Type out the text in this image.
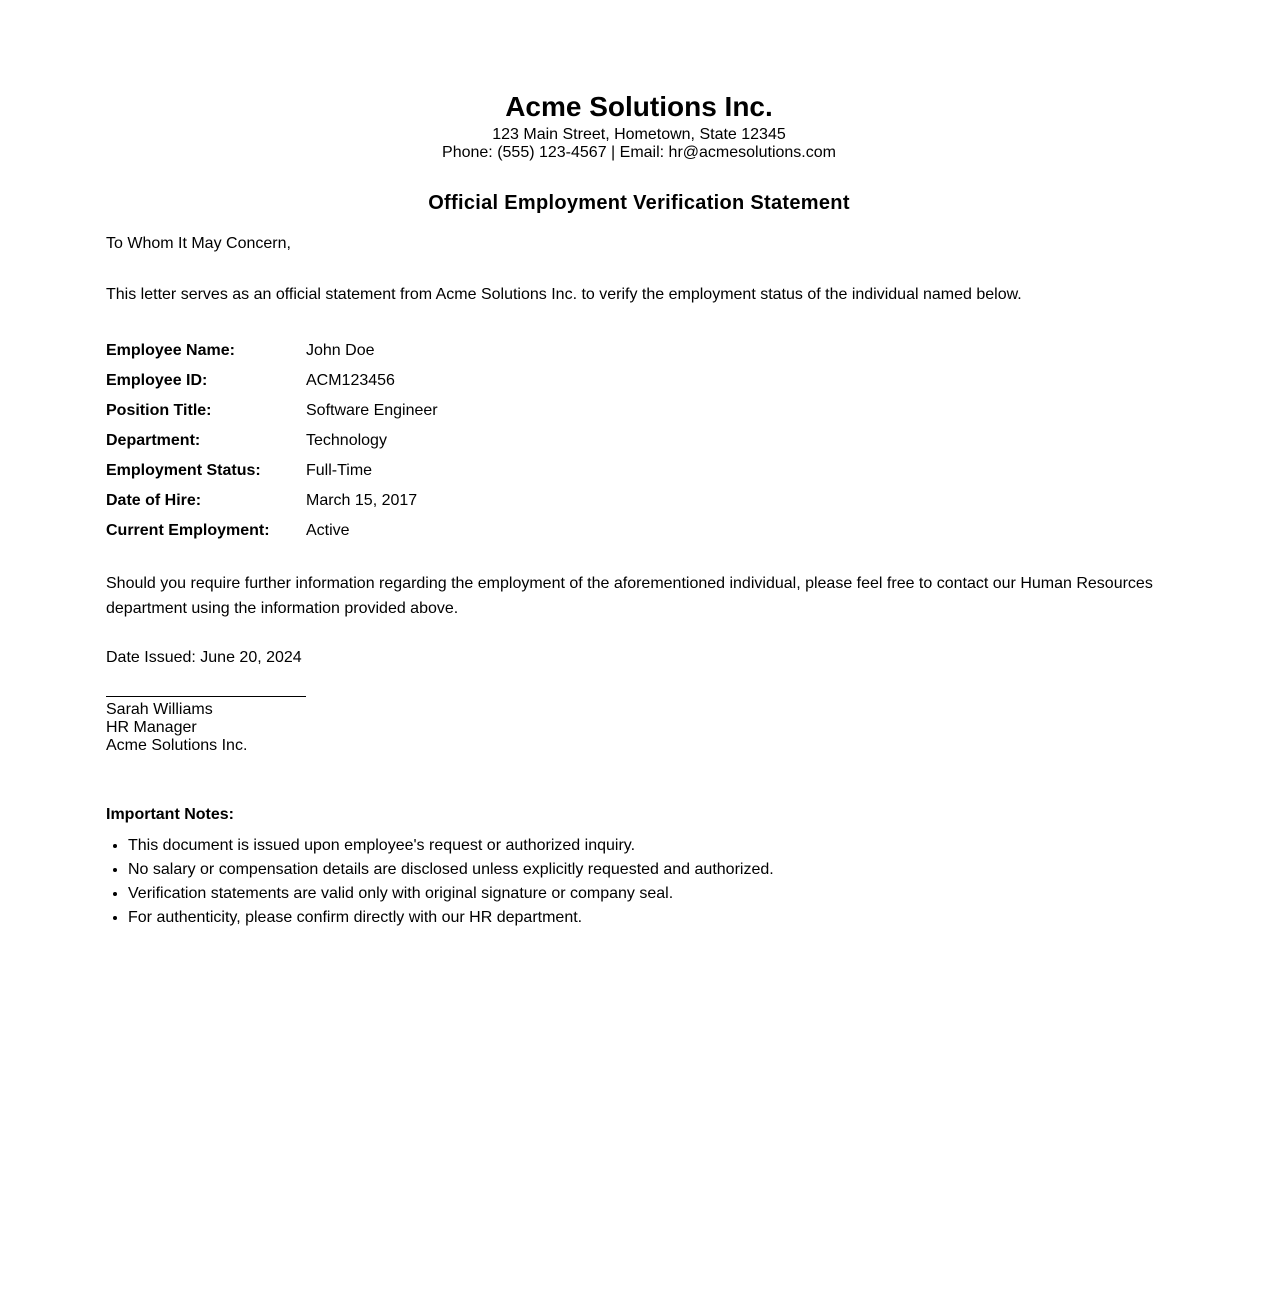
Acme Solutions Inc.
123 Main Street, Hometown, State 12345
Phone: (555) 123-4567 | Email: hr@acmesolutions.com
Official Employment Verification Statement
To Whom It May Concern,
This letter serves as an official statement from Acme Solutions Inc. to verify the employment status of the individual named below.
Employee Name:	John Doe
Employee ID:	ACM123456
Position Title:	Software Engineer
Department:	Technology
Employment Status:	Full-Time
Date of Hire:	March 15, 2017
Current Employment:	Active
Should you require further information regarding the employment of the aforementioned individual, please feel free to contact our Human Resources department using the information provided above.
Date Issued: June 20, 2024
Sarah Williams
HR Manager
Acme Solutions Inc.
Important Notes:
• This document is issued upon employee's request or authorized inquiry.
• No salary or compensation details are disclosed unless explicitly requested and authorized.
• Verification statements are valid only with original signature or company seal.
• For authenticity, please confirm directly with our HR department.
